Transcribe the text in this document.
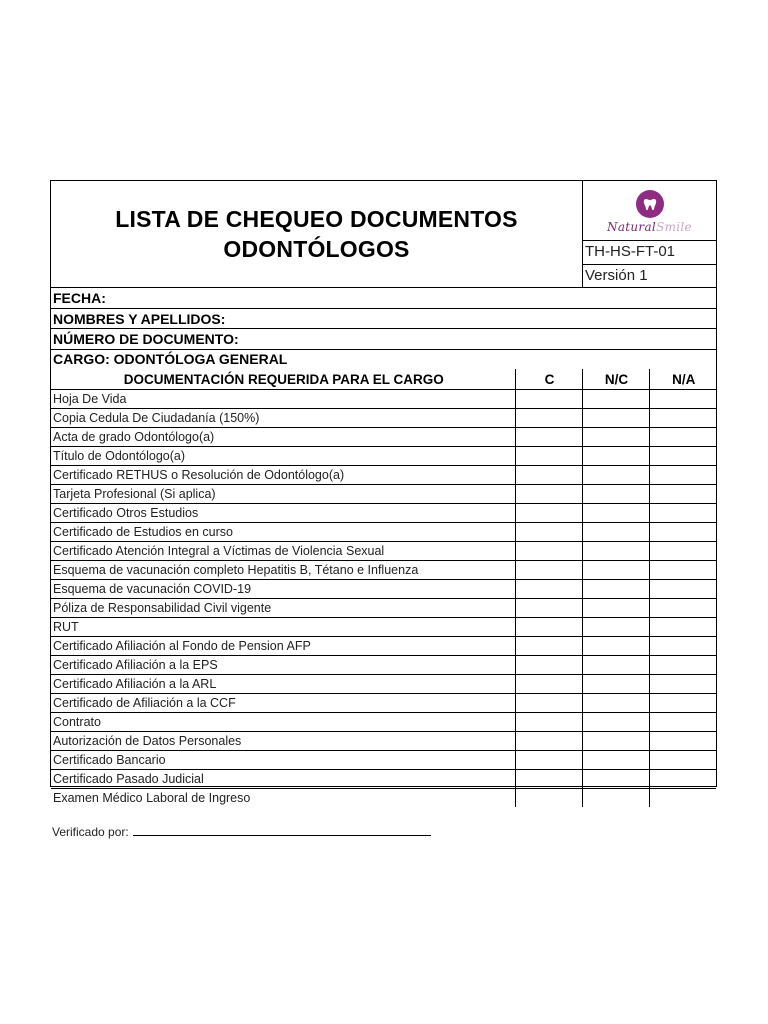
LISTA DE CHEQUEO DOCUMENTOS
ODONTÓLOGOS
NaturalSmile
TH-HS-FT-01
Versión 1
FECHA:
NOMBRES Y APELLIDOS:
NÚMERO DE DOCUMENTO:
CARGO: ODONTÓLOGA GENERAL
DOCUMENTACIÓN REQUERIDA PARA EL CARGO	C	N/C	N/A
Hoja De Vida			
Copia Cedula De Ciudadanía (150%)			
Acta de grado Odontólogo(a)			
Título de Odontólogo(a)			
Certificado RETHUS o Resolución de Odontólogo(a)			
Tarjeta Profesional (Si aplica)			
Certificado Otros Estudios			
Certificado de Estudios en curso			
Certificado Atención Integral a Víctimas de Violencia Sexual			
Esquema de vacunación completo Hepatitis B, Tétano e Influenza			
Esquema de vacunación COVID-19			
Póliza de Responsabilidad Civil vigente			
RUT			
Certificado Afiliación al Fondo de Pension AFP			
Certificado Afiliación a la EPS			
Certificado Afiliación a la ARL			
Certificado de Afiliación a la CCF			
Contrato			
Autorización de Datos Personales			
Certificado Bancario			
Certificado Pasado Judicial			
Examen Médico Laboral de Ingreso			
Verificado por:
